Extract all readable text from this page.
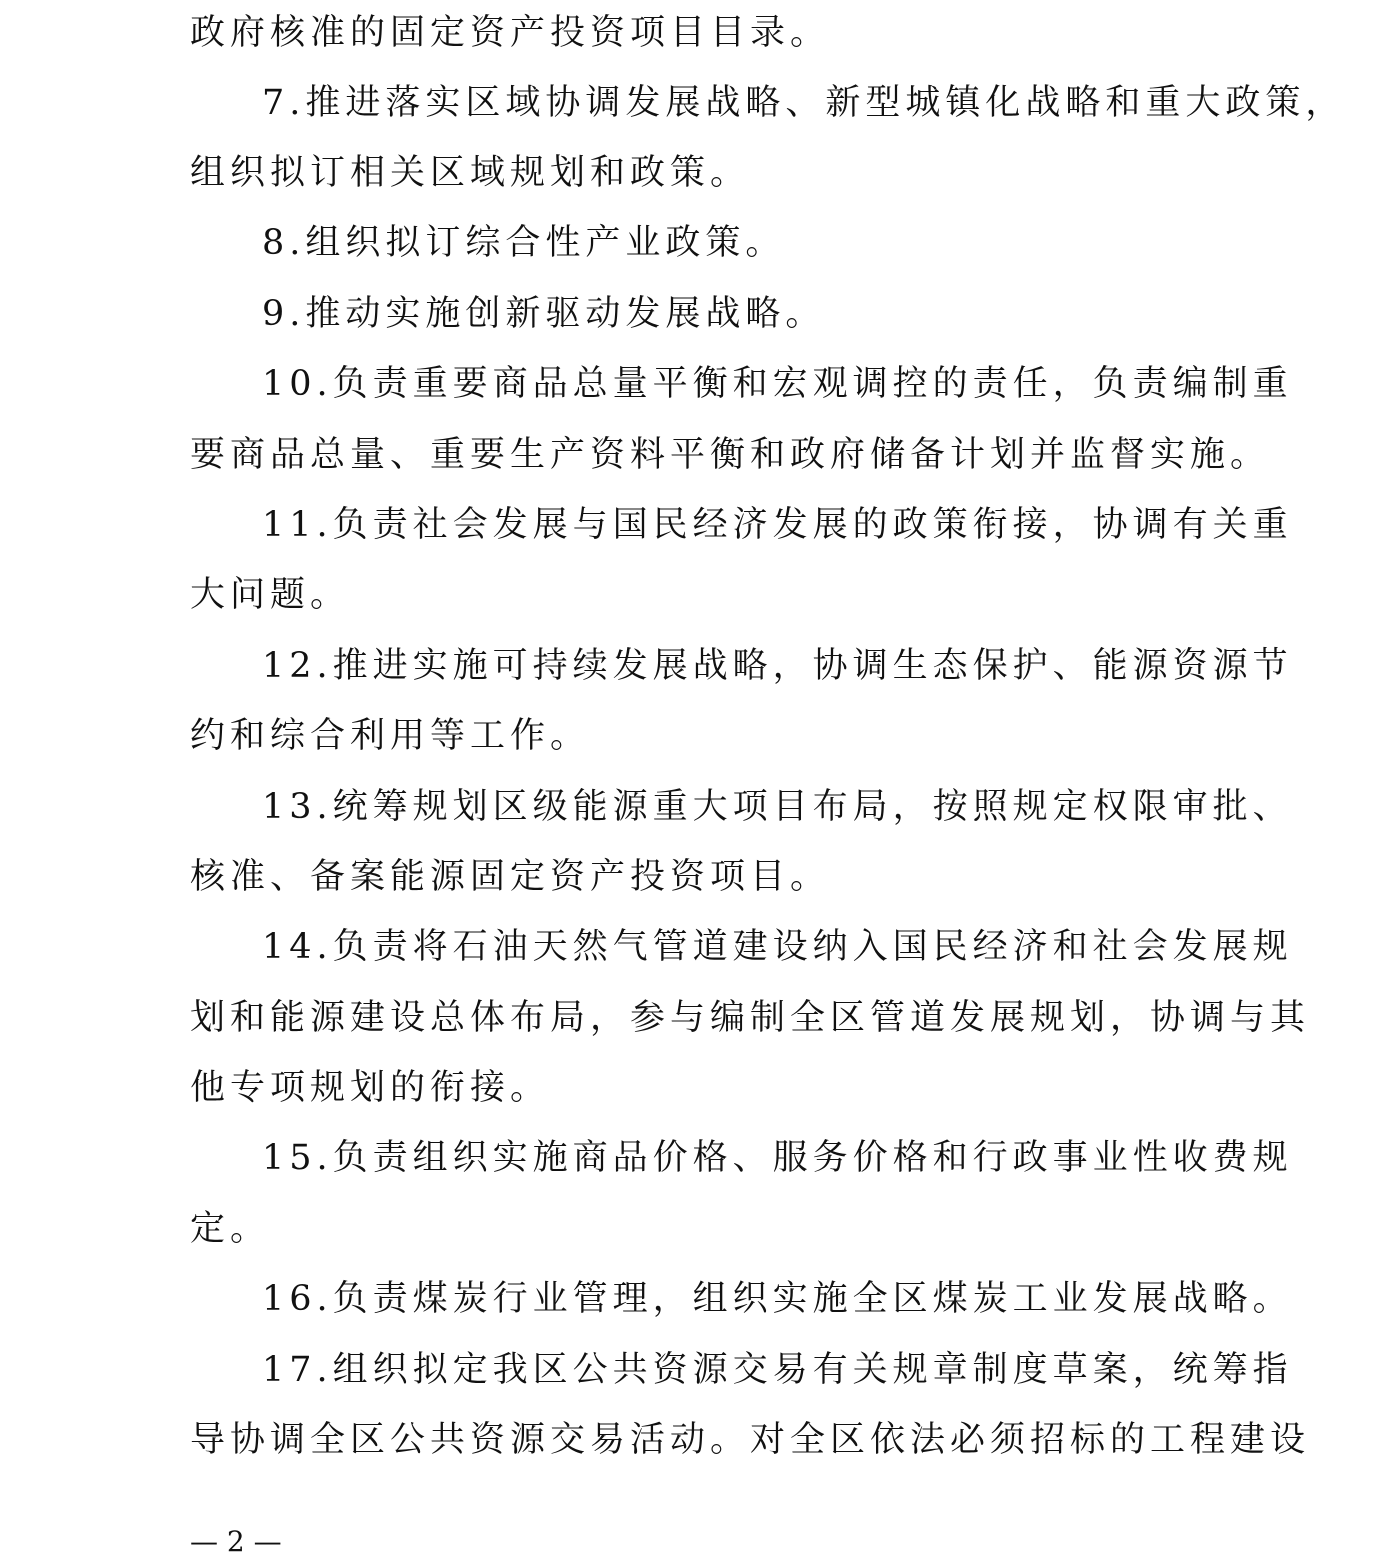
政府核准的固定资产投资项目目录。
7.推进落实区域协调发展战略、新型城镇化战略和重大政策，
组织拟订相关区域规划和政策。
8.组织拟订综合性产业政策。
9.推动实施创新驱动发展战略。
10.负责重要商品总量平衡和宏观调控的责任，负责编制重
要商品总量、重要生产资料平衡和政府储备计划并监督实施。
11.负责社会发展与国民经济发展的政策衔接，协调有关重
大问题。
12.推进实施可持续发展战略，协调生态保护、能源资源节
约和综合利用等工作。
13.统筹规划区级能源重大项目布局，按照规定权限审批、
核准、备案能源固定资产投资项目。
14.负责将石油天然气管道建设纳入国民经济和社会发展规
划和能源建设总体布局，参与编制全区管道发展规划，协调与其
他专项规划的衔接。
15.负责组织实施商品价格、服务价格和行政事业性收费规
定。
16.负责煤炭行业管理，组织实施全区煤炭工业发展战略。
17.组织拟定我区公共资源交易有关规章制度草案，统筹指
导协调全区公共资源交易活动。对全区依法必须招标的工程建设
— 2 —
